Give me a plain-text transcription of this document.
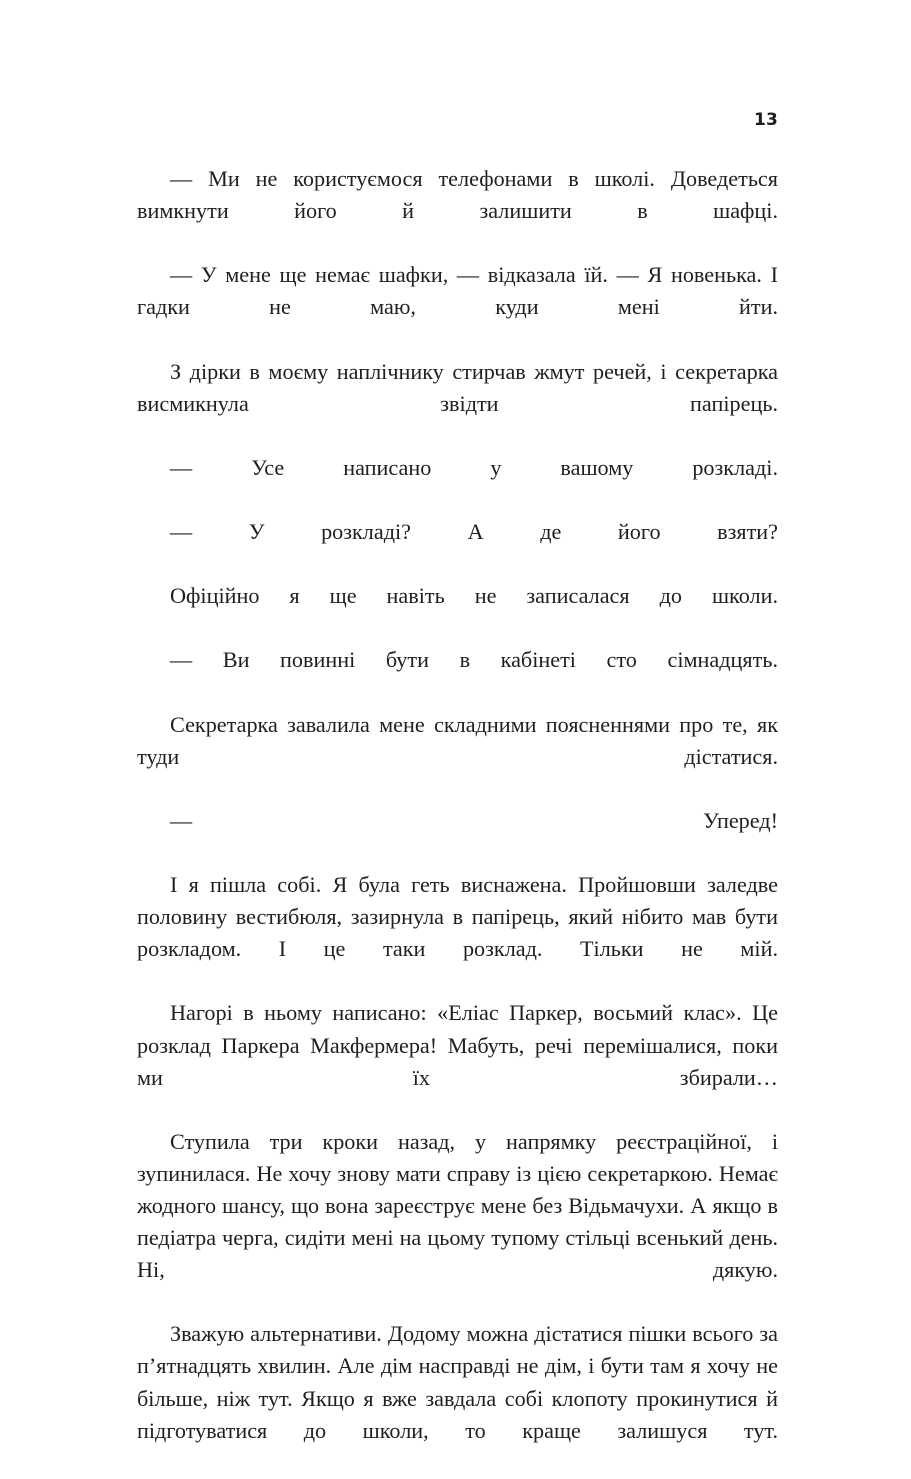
13

— Ми не користуємося телефонами в школі. Доведеться вимкнути його й залишити в шафці.

— У мене ще немає шафки, — відказала їй. — Я новенька. І гадки не маю, куди мені йти.

З дірки в моєму наплічнику стирчав жмут речей, і секретарка висмикнула звідти папірець.

— Усе написано у вашому розкладі.

— У розкладі? А де його взяти?

Офіційно я ще навіть не записалася до школи.

— Ви повинні бути в кабінеті сто сімнадцять.

Секретарка завалила мене складними поясненнями про те, як туди дістатися.

— Уперед!

І я пішла собі. Я була геть виснажена. Пройшовши заледве половину вестибюля, зазирнула в папірець, який нібито мав бути розкладом. І це таки розклад. Тільки не мій.

Нагорі в ньому написано: «Еліас Паркер, восьмий клас». Це розклад Паркера Макфермера! Мабуть, речі перемішалися, поки ми їх збирали…

Ступила три кроки назад, у напрямку реєстраційної, і зупинилася. Не хочу знову мати справу із цією секретаркою. Немає жодного шансу, що вона зареєструє мене без Відьмачухи. А якщо в педіатра черга, сидіти мені на цьому тупому стільці всенький день. Ні, дякую.

Зважую альтернативи. Додому можна дістатися пішки всього за п’ятнадцять хвилин. Але дім насправді не дім, і бути там я хочу не більше, ніж тут. Якщо я вже завдала собі клопоту прокинутися й підготуватися до школи, то краще залишуся тут.
